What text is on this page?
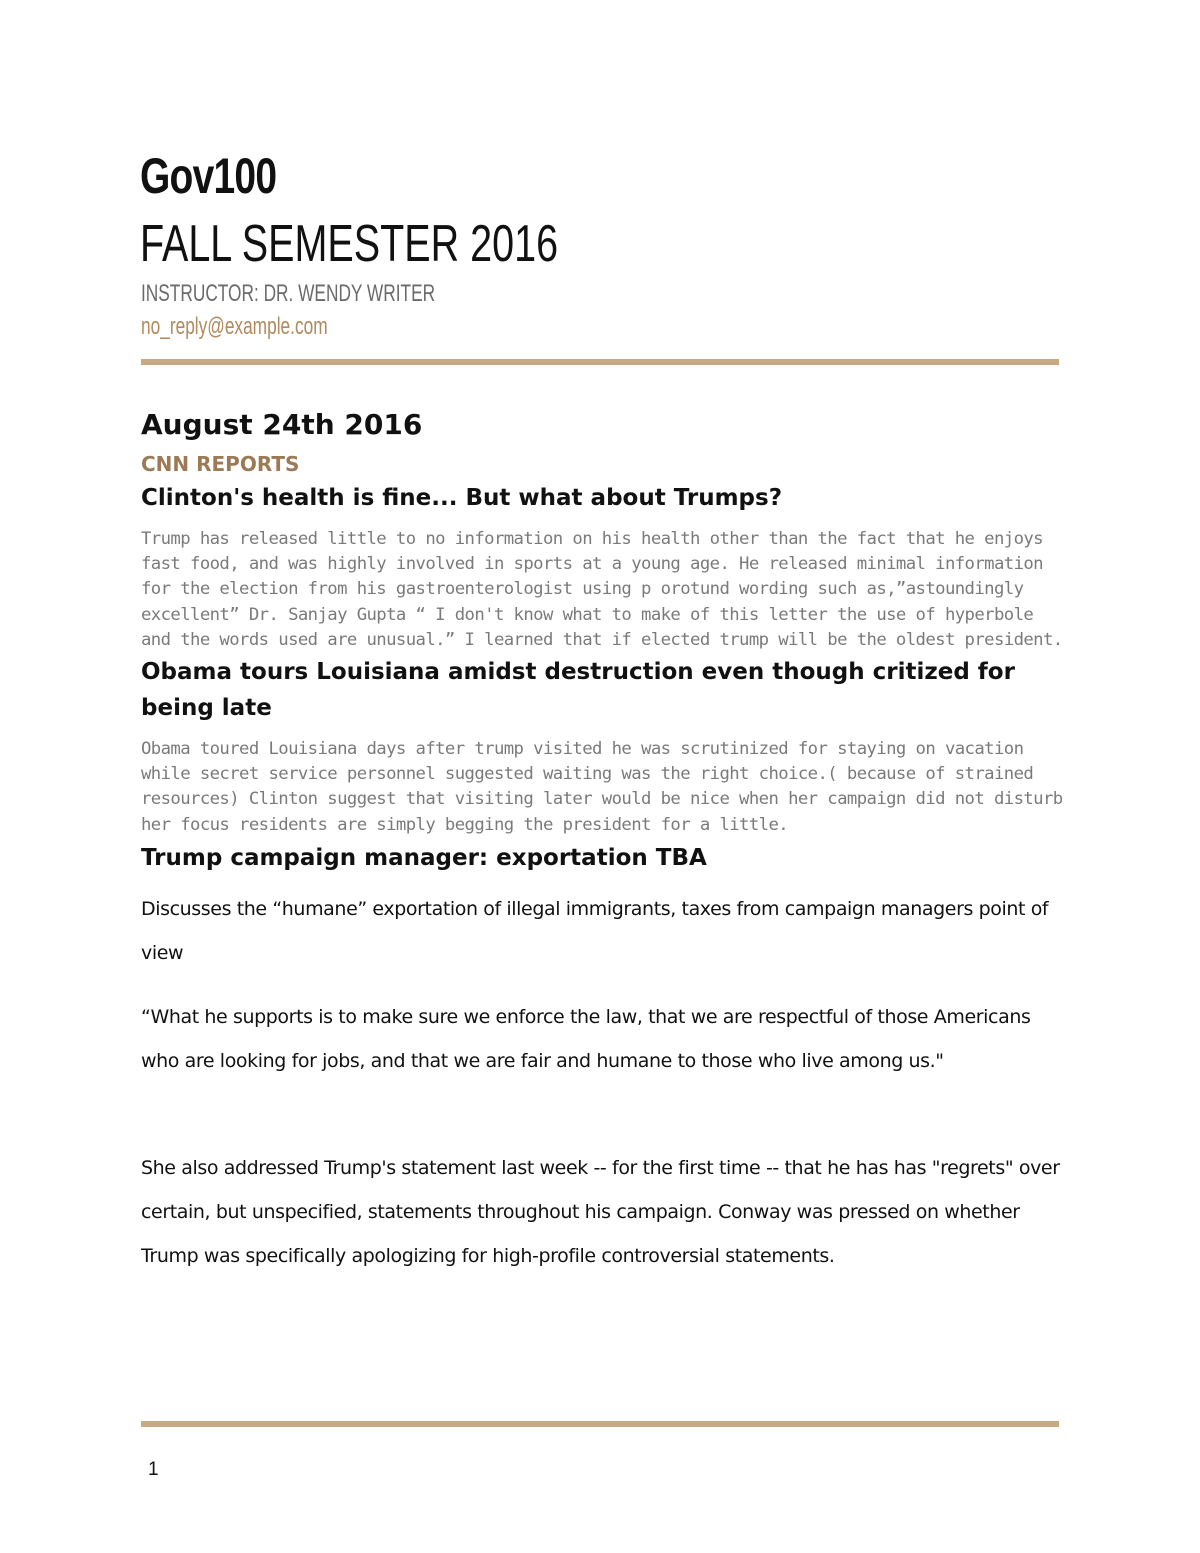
Gov100
FALL SEMESTER 2016
INSTRUCTOR: DR. WENDY WRITER
no_reply@example.com
August 24th 2016
CNN REPORTS
Clinton's health is fine... But what about Trumps?

Trump has released little to no information on his health other than the fact that he enjoys fast food, and was highly involved in sports at a young age. He released minimal information for the election from his gastroenterologist using p orotund wording such as,”astoundingly excellent” Dr. Sanjay Gupta “ I don't know what to make of this letter the use of hyperbole and the words used are unusual.” I learned that if elected trump will be the oldest president.

Obama tours Louisiana amidst destruction even though critized for being late

Obama toured Louisiana days after trump visited he was scrutinized for staying on vacation while secret service personnel suggested waiting was the right choice.( because of strained resources) Clinton suggest that visiting later would be nice when her campaign did not disturb her focus residents are simply begging the president for a little.

Trump campaign manager: exportation TBA

Discusses the “humane” exportation of illegal immigrants, taxes from campaign managers point of view

“What he supports is to make sure we enforce the law, that we are respectful of those Americans who are looking for jobs, and that we are fair and humane to those who live among us."

She also addressed Trump's statement last week -- for the first time -- that he has has "regrets" over certain, but unspecified, statements throughout his campaign. Conway was pressed on whether Trump was specifically apologizing for high-profile controversial statements.

1
